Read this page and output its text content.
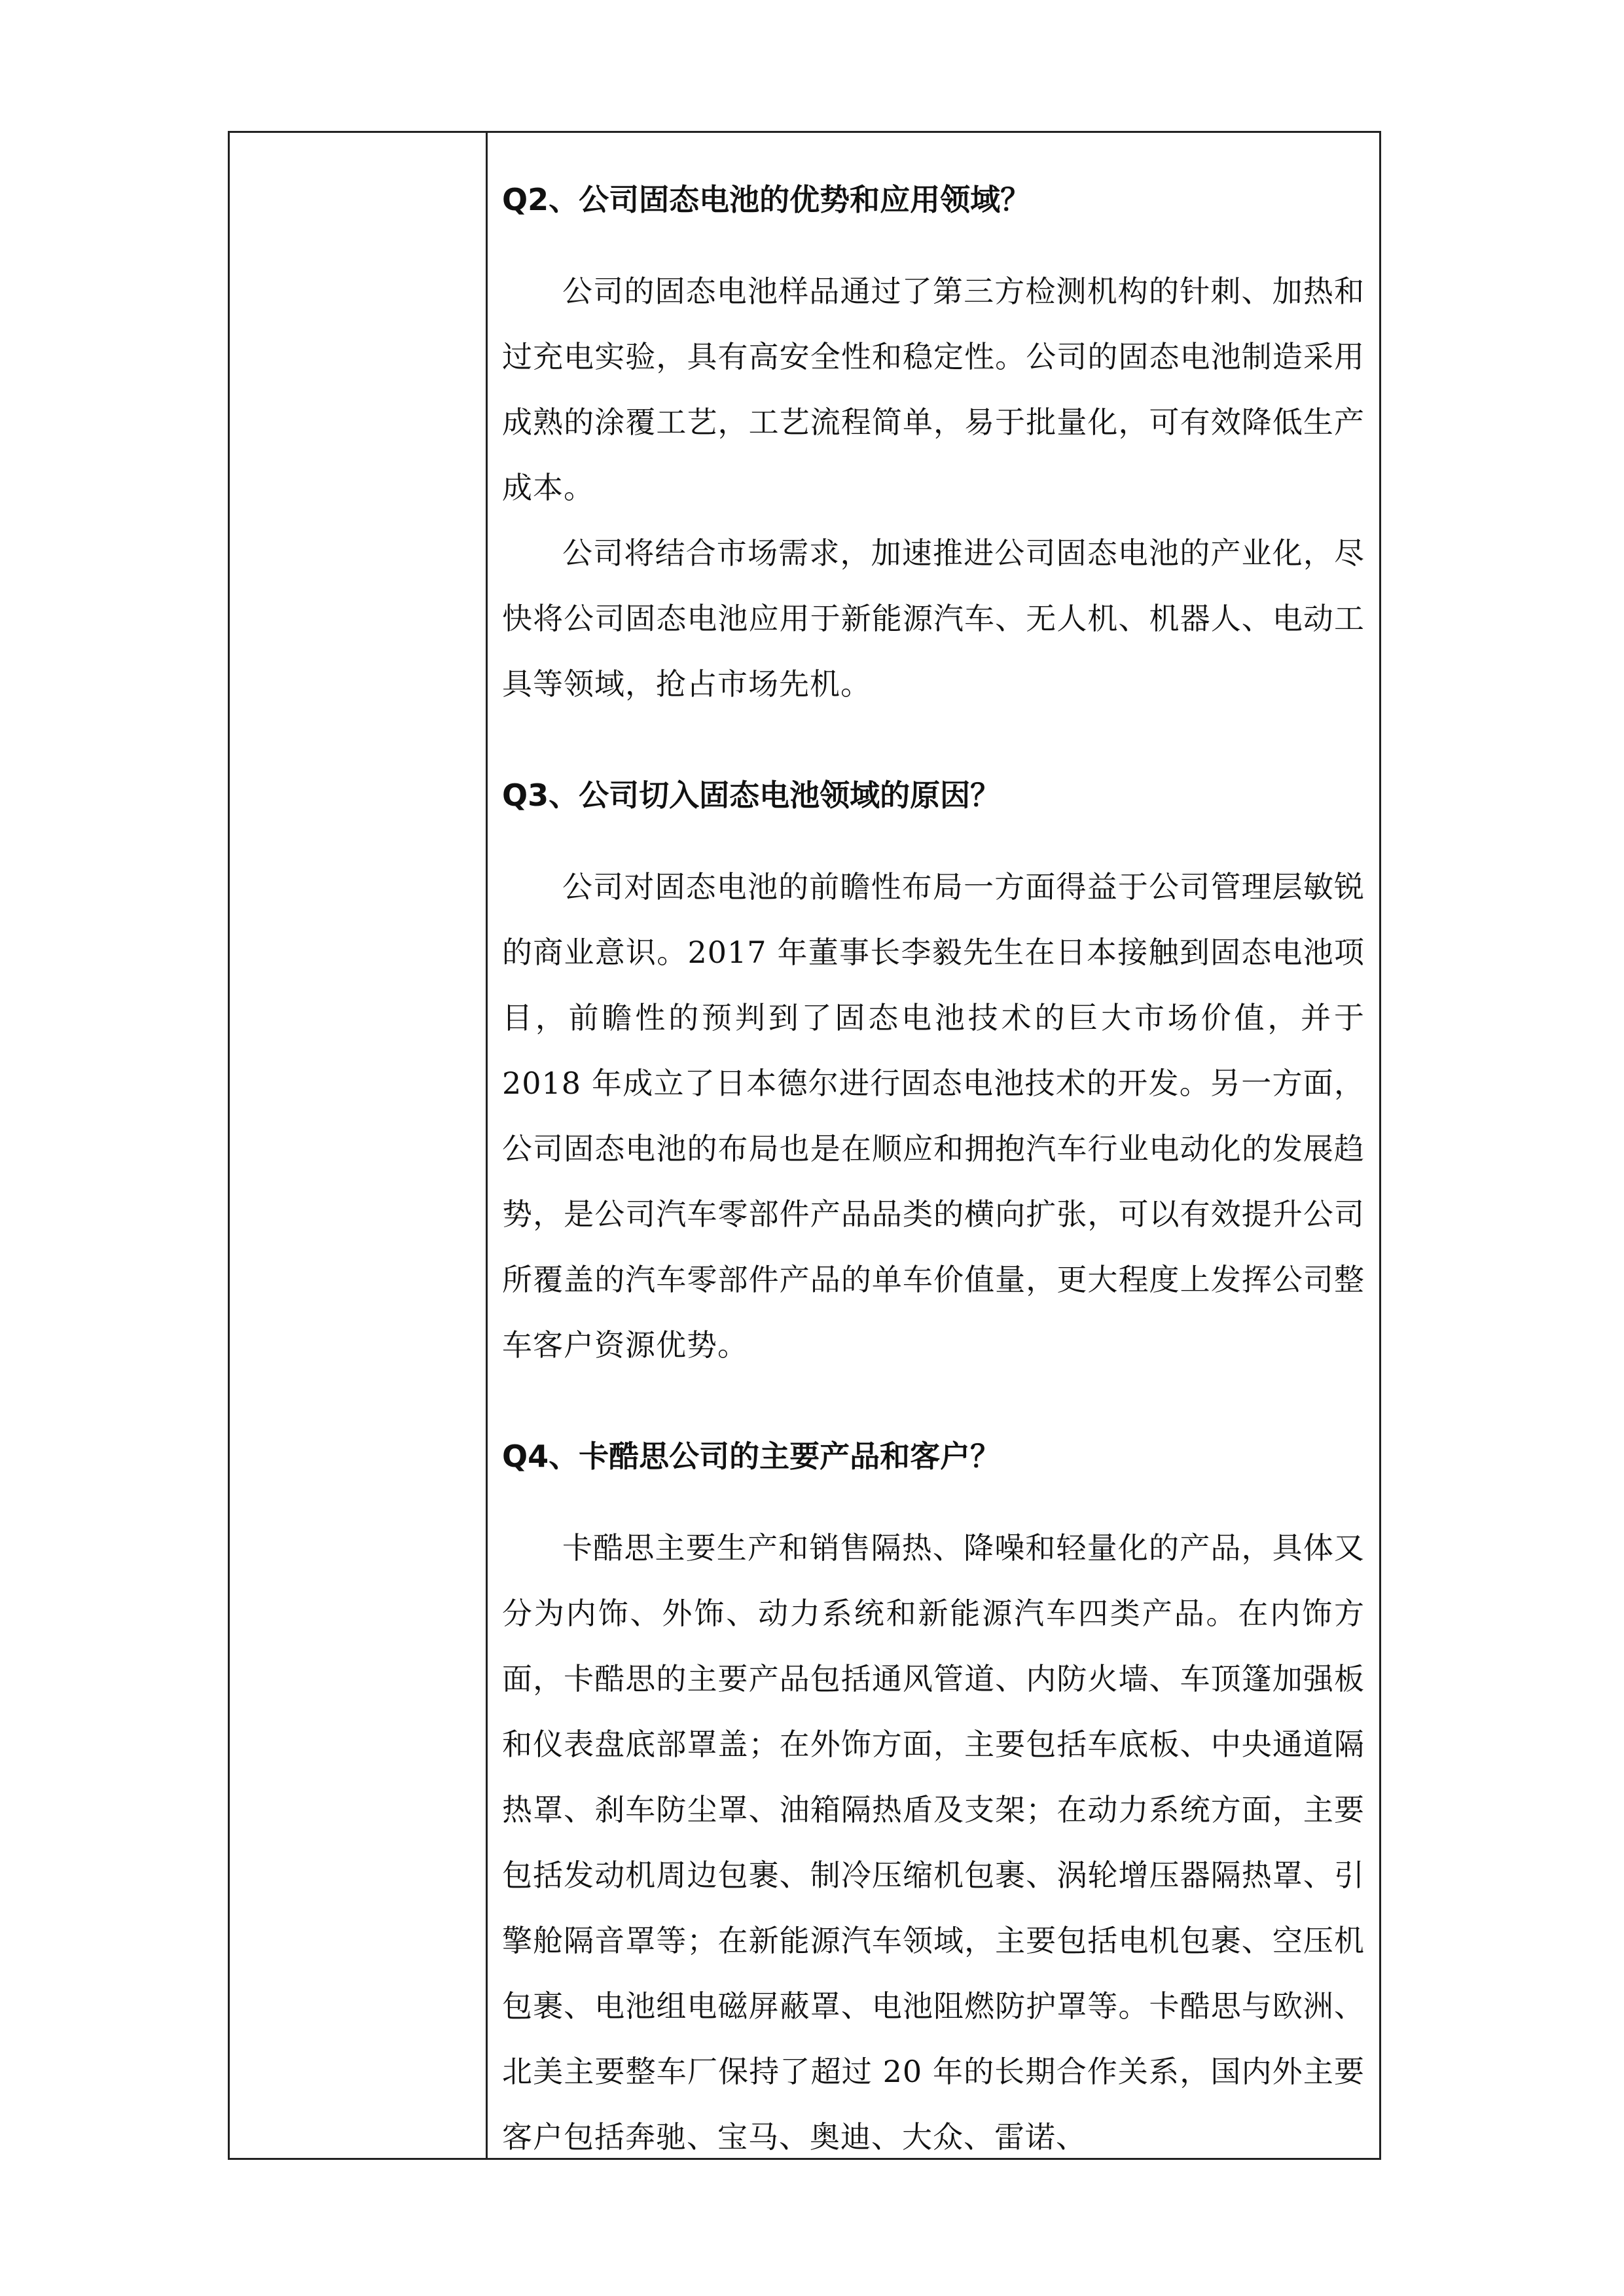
Q2、公司固态电池的优势和应用领域？

公司的固态电池样品通过了第三方检测机构的针刺、加热和过充电实验，具有高安全性和稳定性。公司的固态电池制造采用成熟的涂覆工艺，工艺流程简单，易于批量化，可有效降低生产成本。

公司将结合市场需求，加速推进公司固态电池的产业化，尽快将公司固态电池应用于新能源汽车、无人机、机器人、电动工具等领域，抢占市场先机。

Q3、公司切入固态电池领域的原因？

公司对固态电池的前瞻性布局一方面得益于公司管理层敏锐的商业意识。2017 年董事长李毅先生在日本接触到固态电池项目，前瞻性的预判到了固态电池技术的巨大市场价值，并于 2018 年成立了日本德尔进行固态电池技术的开发。另一方面，公司固态电池的布局也是在顺应和拥抱汽车行业电动化的发展趋势，是公司汽车零部件产品品类的横向扩张，可以有效提升公司所覆盖的汽车零部件产品的单车价值量，更大程度上发挥公司整车客户资源优势。

Q4、卡酷思公司的主要产品和客户？

卡酷思主要生产和销售隔热、降噪和轻量化的产品，具体又分为内饰、外饰、动力系统和新能源汽车四类产品。在内饰方面，卡酷思的主要产品包括通风管道、内防火墙、车顶篷加强板和仪表盘底部罩盖；在外饰方面，主要包括车底板、中央通道隔热罩、刹车防尘罩、油箱隔热盾及支架；在动力系统方面，主要包括发动机周边包裹、制冷压缩机包裹、涡轮增压器隔热罩、引擎舱隔音罩等；在新能源汽车领域，主要包括电机包裹、空压机包裹、电池组电磁屏蔽罩、电池阻燃防护罩等。卡酷思与欧洲、北美主要整车厂保持了超过 20 年的长期合作关系，国内外主要客户包括奔驰、宝马、奥迪、大众、雷诺、
